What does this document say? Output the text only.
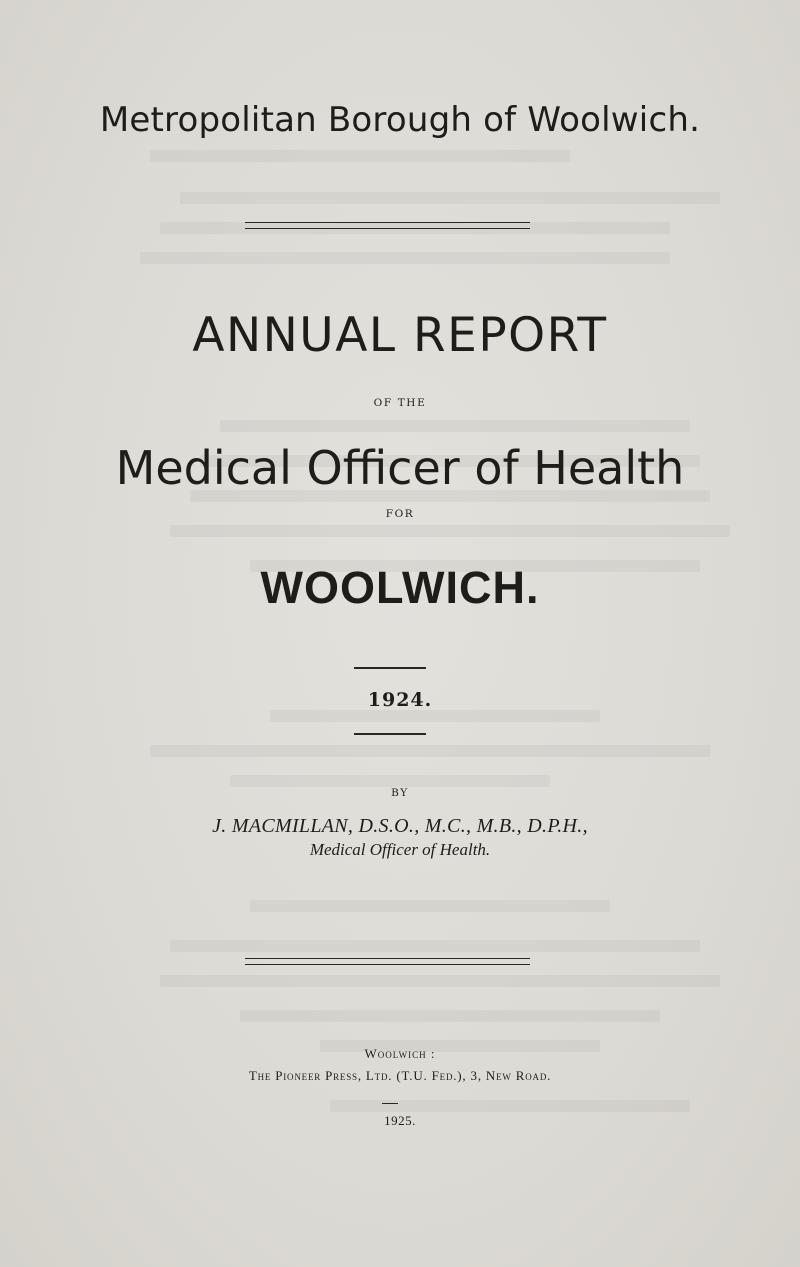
Metropolitan Borough of Woolwich.
ANNUAL REPORT
OF THE
Medical Officer of Health
FOR
WOOLWICH.
1924.
BY
J. MACMILLAN, D.S.O., M.C., M.B., D.P.H.,
Medical Officer of Health.
Woolwich :
The Pioneer Press, Ltd. (T.U. Fed.), 3, New Road.
1925.
